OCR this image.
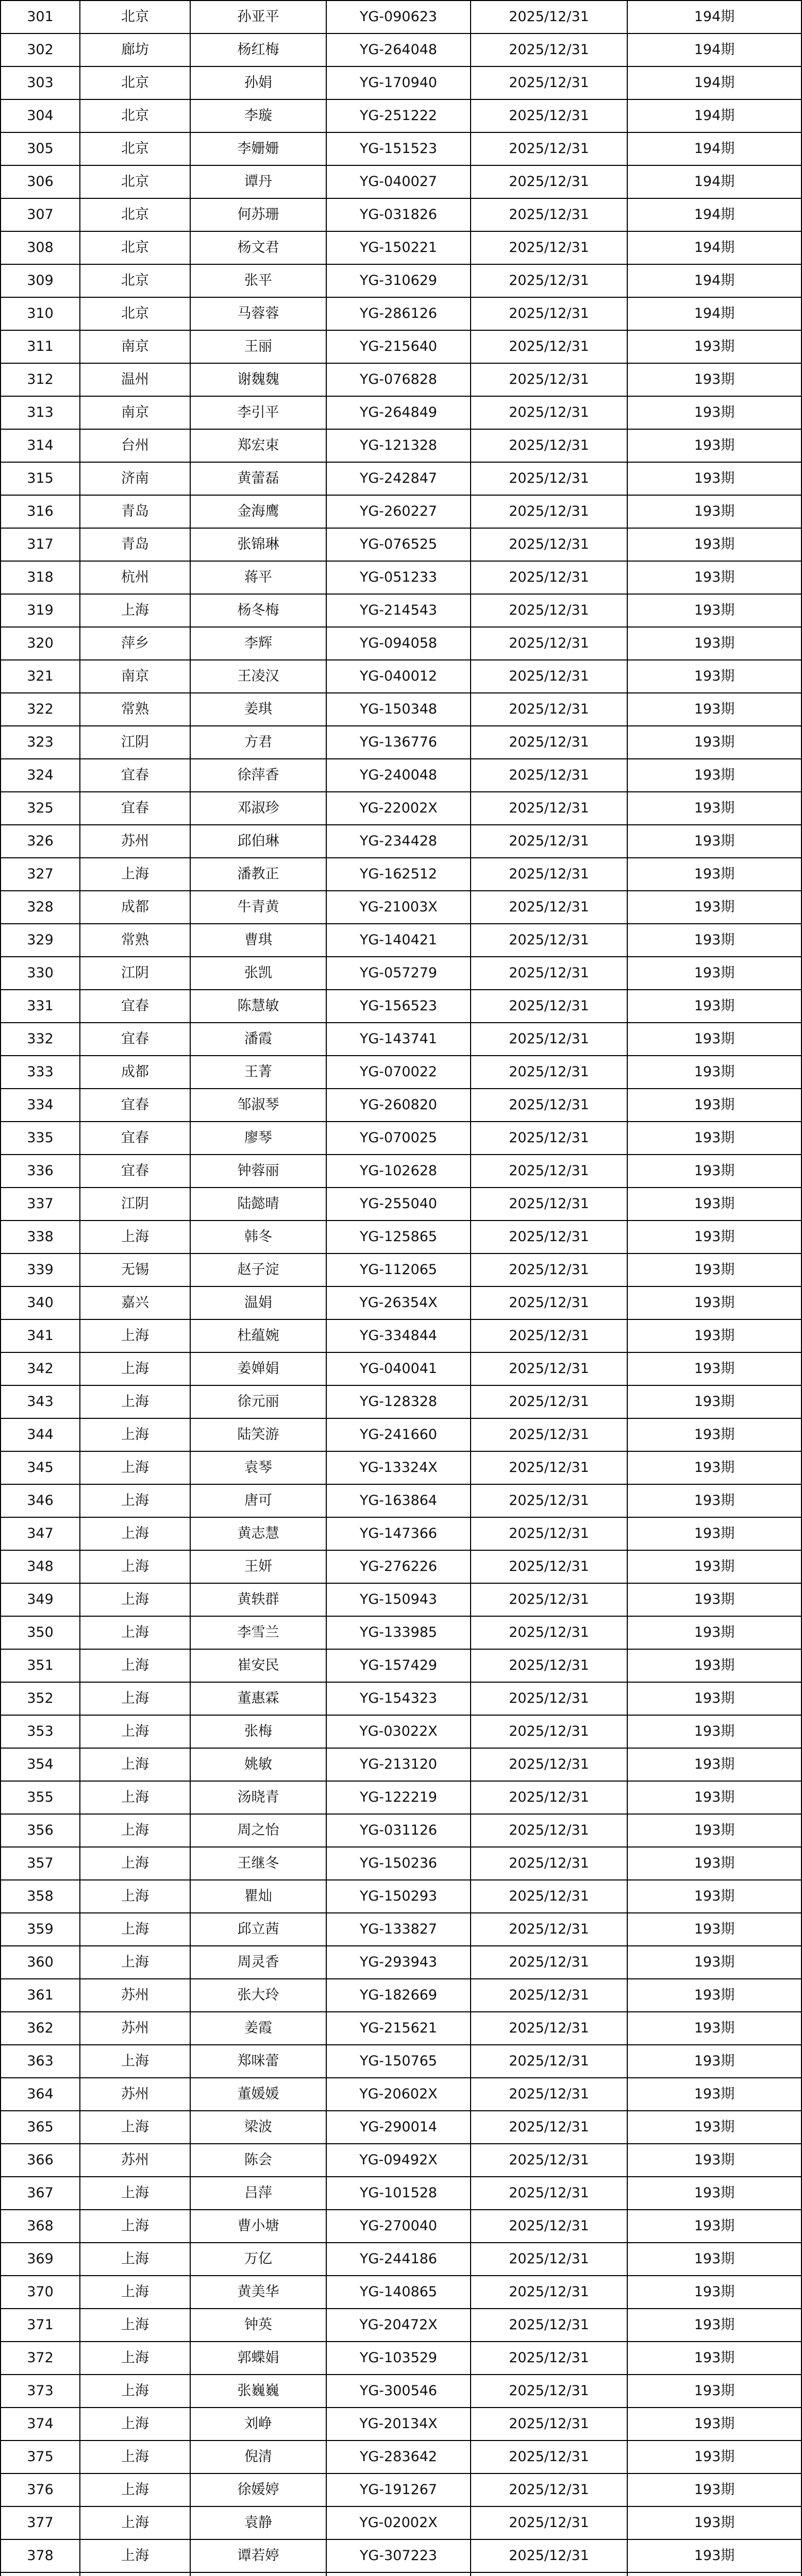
301	北京	孙亚平	YG-090623	2025/12/31	194期
302	廊坊	杨红梅	YG-264048	2025/12/31	194期
303	北京	孙娟	YG-170940	2025/12/31	194期
304	北京	李璇	YG-251222	2025/12/31	194期
305	北京	李姗姗	YG-151523	2025/12/31	194期
306	北京	谭丹	YG-040027	2025/12/31	194期
307	北京	何苏珊	YG-031826	2025/12/31	194期
308	北京	杨文君	YG-150221	2025/12/31	194期
309	北京	张平	YG-310629	2025/12/31	194期
310	北京	马蓉蓉	YG-286126	2025/12/31	194期
311	南京	王丽	YG-215640	2025/12/31	193期
312	温州	谢魏魏	YG-076828	2025/12/31	193期
313	南京	李引平	YG-264849	2025/12/31	193期
314	台州	郑宏束	YG-121328	2025/12/31	193期
315	济南	黄蕾磊	YG-242847	2025/12/31	193期
316	青岛	金海鹰	YG-260227	2025/12/31	193期
317	青岛	张锦琳	YG-076525	2025/12/31	193期
318	杭州	蒋平	YG-051233	2025/12/31	193期
319	上海	杨冬梅	YG-214543	2025/12/31	193期
320	萍乡	李辉	YG-094058	2025/12/31	193期
321	南京	王凌汉	YG-040012	2025/12/31	193期
322	常熟	姜琪	YG-150348	2025/12/31	193期
323	江阴	方君	YG-136776	2025/12/31	193期
324	宜春	徐萍香	YG-240048	2025/12/31	193期
325	宜春	邓淑珍	YG-22002X	2025/12/31	193期
326	苏州	邱伯琳	YG-234428	2025/12/31	193期
327	上海	潘教正	YG-162512	2025/12/31	193期
328	成都	牛青黄	YG-21003X	2025/12/31	193期
329	常熟	曹琪	YG-140421	2025/12/31	193期
330	江阴	张凯	YG-057279	2025/12/31	193期
331	宜春	陈慧敏	YG-156523	2025/12/31	193期
332	宜春	潘霞	YG-143741	2025/12/31	193期
333	成都	王菁	YG-070022	2025/12/31	193期
334	宜春	邹淑琴	YG-260820	2025/12/31	193期
335	宜春	廖琴	YG-070025	2025/12/31	193期
336	宜春	钟蓉丽	YG-102628	2025/12/31	193期
337	江阴	陆懿晴	YG-255040	2025/12/31	193期
338	上海	韩冬	YG-125865	2025/12/31	193期
339	无锡	赵子淀	YG-112065	2025/12/31	193期
340	嘉兴	温娟	YG-26354X	2025/12/31	193期
341	上海	杜蕴婉	YG-334844	2025/12/31	193期
342	上海	姜婵娟	YG-040041	2025/12/31	193期
343	上海	徐元丽	YG-128328	2025/12/31	193期
344	上海	陆笑游	YG-241660	2025/12/31	193期
345	上海	袁琴	YG-13324X	2025/12/31	193期
346	上海	唐可	YG-163864	2025/12/31	193期
347	上海	黄志慧	YG-147366	2025/12/31	193期
348	上海	王妍	YG-276226	2025/12/31	193期
349	上海	黄轶群	YG-150943	2025/12/31	193期
350	上海	李雪兰	YG-133985	2025/12/31	193期
351	上海	崔安民	YG-157429	2025/12/31	193期
352	上海	董惠霖	YG-154323	2025/12/31	193期
353	上海	张梅	YG-03022X	2025/12/31	193期
354	上海	姚敏	YG-213120	2025/12/31	193期
355	上海	汤晓青	YG-122219	2025/12/31	193期
356	上海	周之怡	YG-031126	2025/12/31	193期
357	上海	王继冬	YG-150236	2025/12/31	193期
358	上海	瞿灿	YG-150293	2025/12/31	193期
359	上海	邱立茜	YG-133827	2025/12/31	193期
360	上海	周灵香	YG-293943	2025/12/31	193期
361	苏州	张大玲	YG-182669	2025/12/31	193期
362	苏州	姜霞	YG-215621	2025/12/31	193期
363	上海	郑咪蕾	YG-150765	2025/12/31	193期
364	苏州	董媛媛	YG-20602X	2025/12/31	193期
365	上海	梁波	YG-290014	2025/12/31	193期
366	苏州	陈会	YG-09492X	2025/12/31	193期
367	上海	吕萍	YG-101528	2025/12/31	193期
368	上海	曹小塘	YG-270040	2025/12/31	193期
369	上海	万亿	YG-244186	2025/12/31	193期
370	上海	黄美华	YG-140865	2025/12/31	193期
371	上海	钟英	YG-20472X	2025/12/31	193期
372	上海	郭蝶娟	YG-103529	2025/12/31	193期
373	上海	张巍巍	YG-300546	2025/12/31	193期
374	上海	刘峥	YG-20134X	2025/12/31	193期
375	上海	倪清	YG-283642	2025/12/31	193期
376	上海	徐媛婷	YG-191267	2025/12/31	193期
377	上海	袁静	YG-02002X	2025/12/31	193期
378	上海	谭若婷	YG-307223	2025/12/31	193期
